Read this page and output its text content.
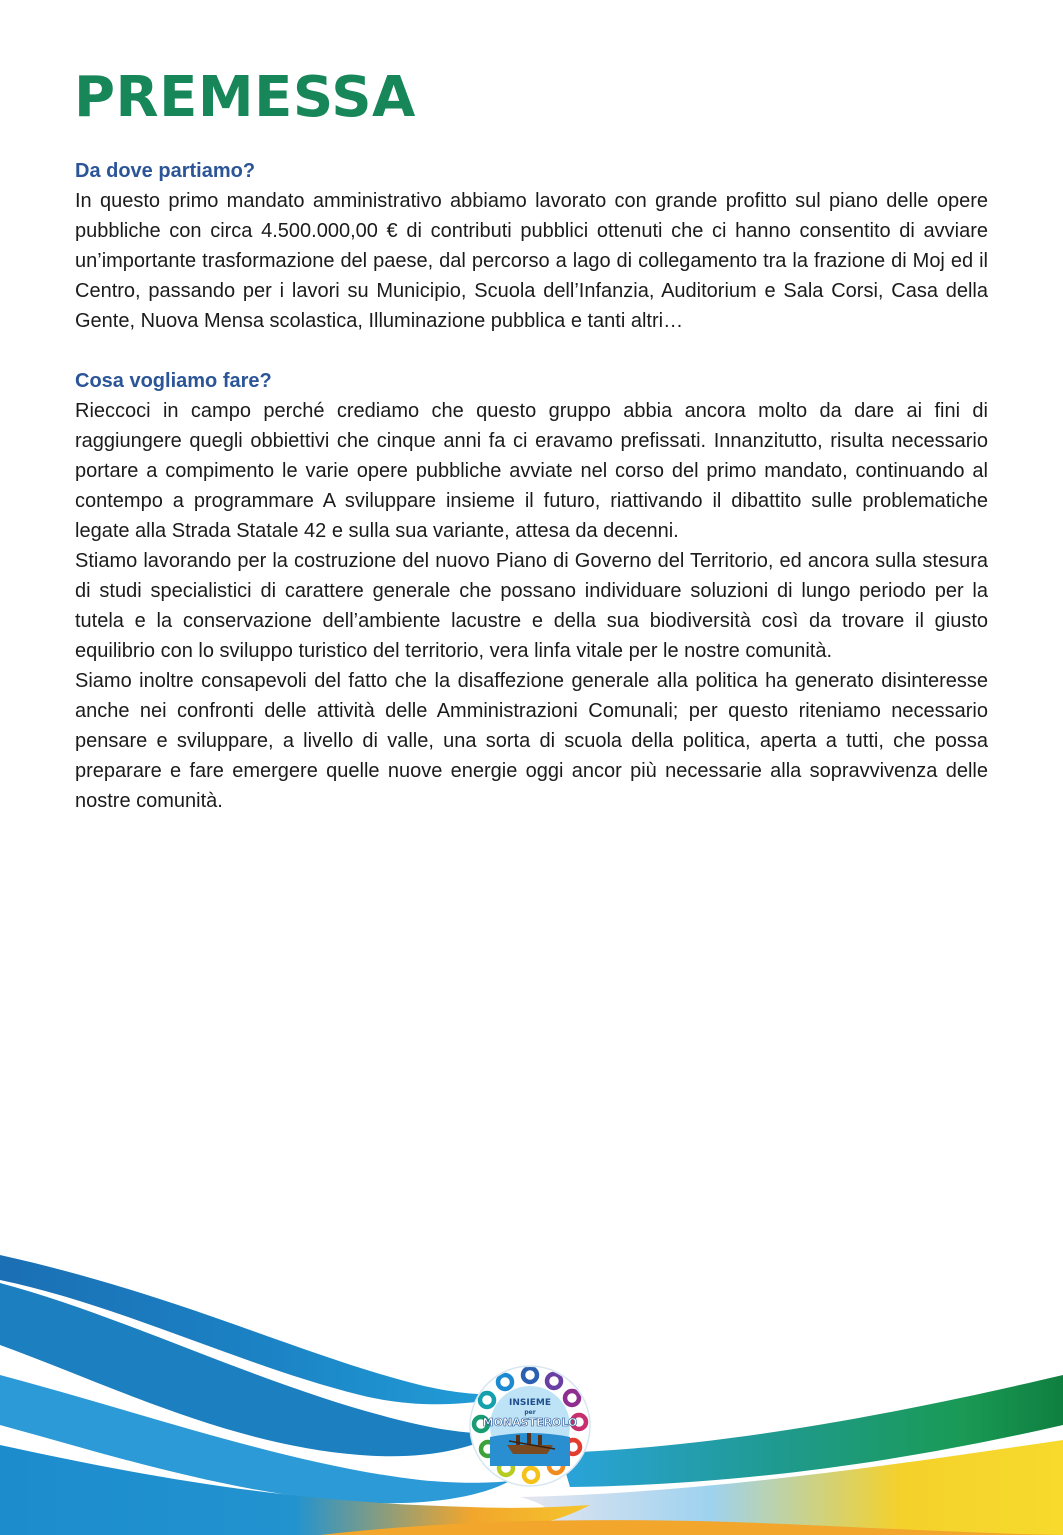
PREMESSA
Da dove partiamo?

In questo primo mandato amministrativo abbiamo lavorato con grande profitto sul piano delle opere pubbliche con circa 4.500.000,00 € di contributi pubblici ottenuti che ci hanno consentito di avviare un’importante trasformazione del paese, dal percorso a lago di collegamento tra la frazione di Moj ed il Centro, passando per i lavori su Municipio, Scuola dell’Infanzia, Auditorium e Sala Corsi, Casa della Gente, Nuova Mensa scolastica, Illuminazione pubblica e tanti altri…

Cosa vogliamo fare?

Rieccoci in campo perché crediamo che questo gruppo abbia ancora molto da dare ai fini di raggiungere quegli obbiettivi che cinque anni fa ci eravamo prefissati. Innanzitutto, risulta necessario portare a compimento le varie opere pubbliche avviate nel corso del primo mandato, continuando al contempo a programmare A sviluppare insieme il futuro, riattivando il dibattito sulle problematiche legate alla Strada Statale 42 e sulla sua variante, attesa da decenni.

Stiamo lavorando per la costruzione del nuovo Piano di Governo del Territorio, ed ancora sulla stesura di studi specialistici di carattere generale che possano individuare soluzioni di lungo periodo per la tutela e la conservazione dell’ambiente lacustre e della sua biodiversità così da trovare il giusto equilibrio con lo sviluppo turistico del territorio, vera linfa vitale per le nostre comunità.

Siamo inoltre consapevoli del fatto che la disaffezione generale alla politica ha generato disinteresse anche nei confronti delle attività delle Amministrazioni Comunali; per questo riteniamo necessario pensare e sviluppare, a livello di valle, una sorta di scuola della politica, aperta a tutti, che possa preparare e fare emergere quelle nuove energie oggi ancor più necessarie alla sopravvivenza delle nostre comunità.

INSIEME
per
MONASTEROLO
